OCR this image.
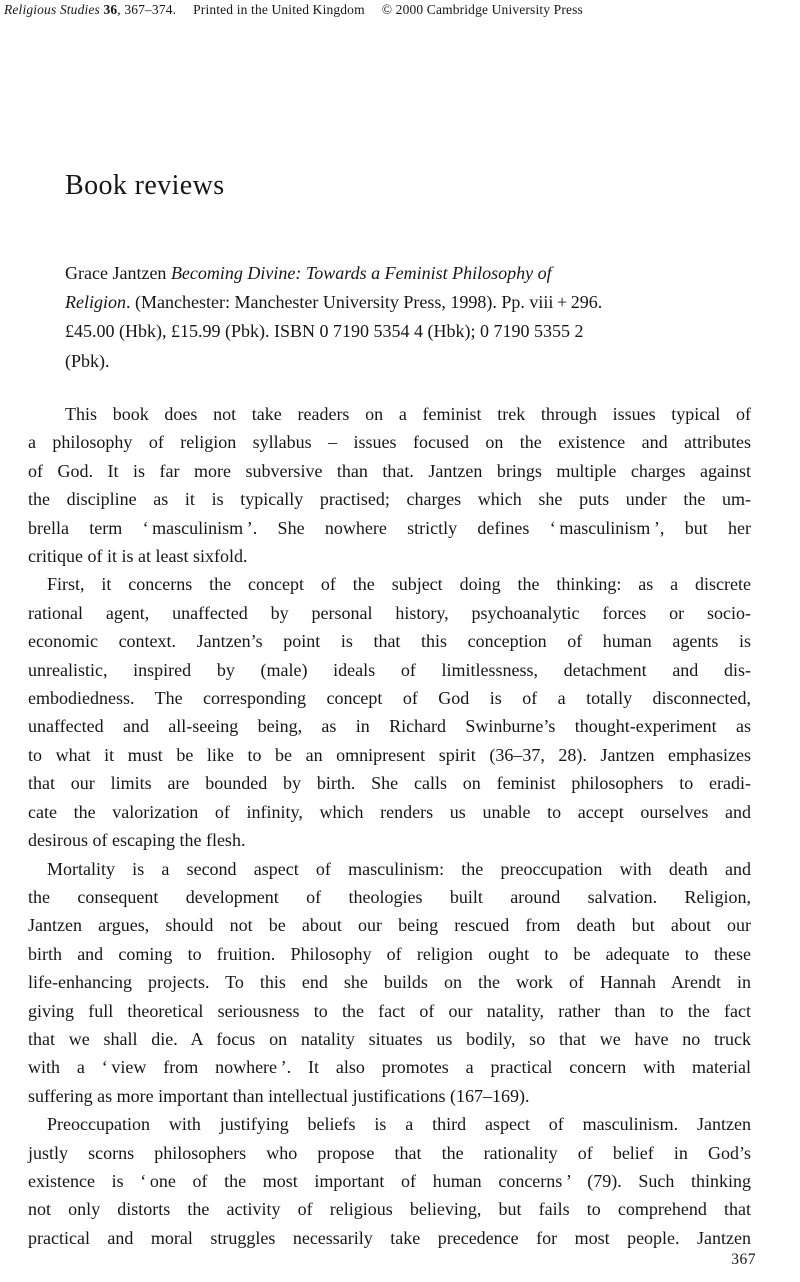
Religious Studies 36, 367–374. Printed in the United Kingdom © 2000 Cambridge University Press
Book reviews
Grace Jantzen Becoming Divine: Towards a Feminist Philosophy of
Religion. (Manchester: Manchester University Press, 1998). Pp. viii + 296.
£45.00 (Hbk), £15.99 (Pbk). ISBN 0 7190 5354 4 (Hbk); 0 7190 5355 2
(Pbk).
This book does not take readers on a feminist trek through issues typical of
a philosophy of religion syllabus – issues focused on the existence and attributes
of God. It is far more subversive than that. Jantzen brings multiple charges against
the discipline as it is typically practised; charges which she puts under the um-
brella term ‘ masculinism ’. She nowhere strictly defines ‘ masculinism ’, but her
critique of it is at least sixfold.
First, it concerns the concept of the subject doing the thinking: as a discrete
rational agent, unaffected by personal history, psychoanalytic forces or socio-
economic context. Jantzen’s point is that this conception of human agents is
unrealistic, inspired by (male) ideals of limitlessness, detachment and dis-
embodiedness. The corresponding concept of God is of a totally disconnected,
unaffected and all-seeing being, as in Richard Swinburne’s thought-experiment as
to what it must be like to be an omnipresent spirit (36–37, 28). Jantzen emphasizes
that our limits are bounded by birth. She calls on feminist philosophers to eradi-
cate the valorization of infinity, which renders us unable to accept ourselves and
desirous of escaping the flesh.
Mortality is a second aspect of masculinism: the preoccupation with death and
the consequent development of theologies built around salvation. Religion,
Jantzen argues, should not be about our being rescued from death but about our
birth and coming to fruition. Philosophy of religion ought to be adequate to these
life-enhancing projects. To this end she builds on the work of Hannah Arendt in
giving full theoretical seriousness to the fact of our natality, rather than to the fact
that we shall die. A focus on natality situates us bodily, so that we have no truck
with a ‘ view from nowhere ’. It also promotes a practical concern with material
suffering as more important than intellectual justifications (167–169).
Preoccupation with justifying beliefs is a third aspect of masculinism. Jantzen
justly scorns philosophers who propose that the rationality of belief in God’s
existence is ‘ one of the most important of human concerns ’ (79). Such thinking
not only distorts the activity of religious believing, but fails to comprehend that
practical and moral struggles necessarily take precedence for most people. Jantzen
367
